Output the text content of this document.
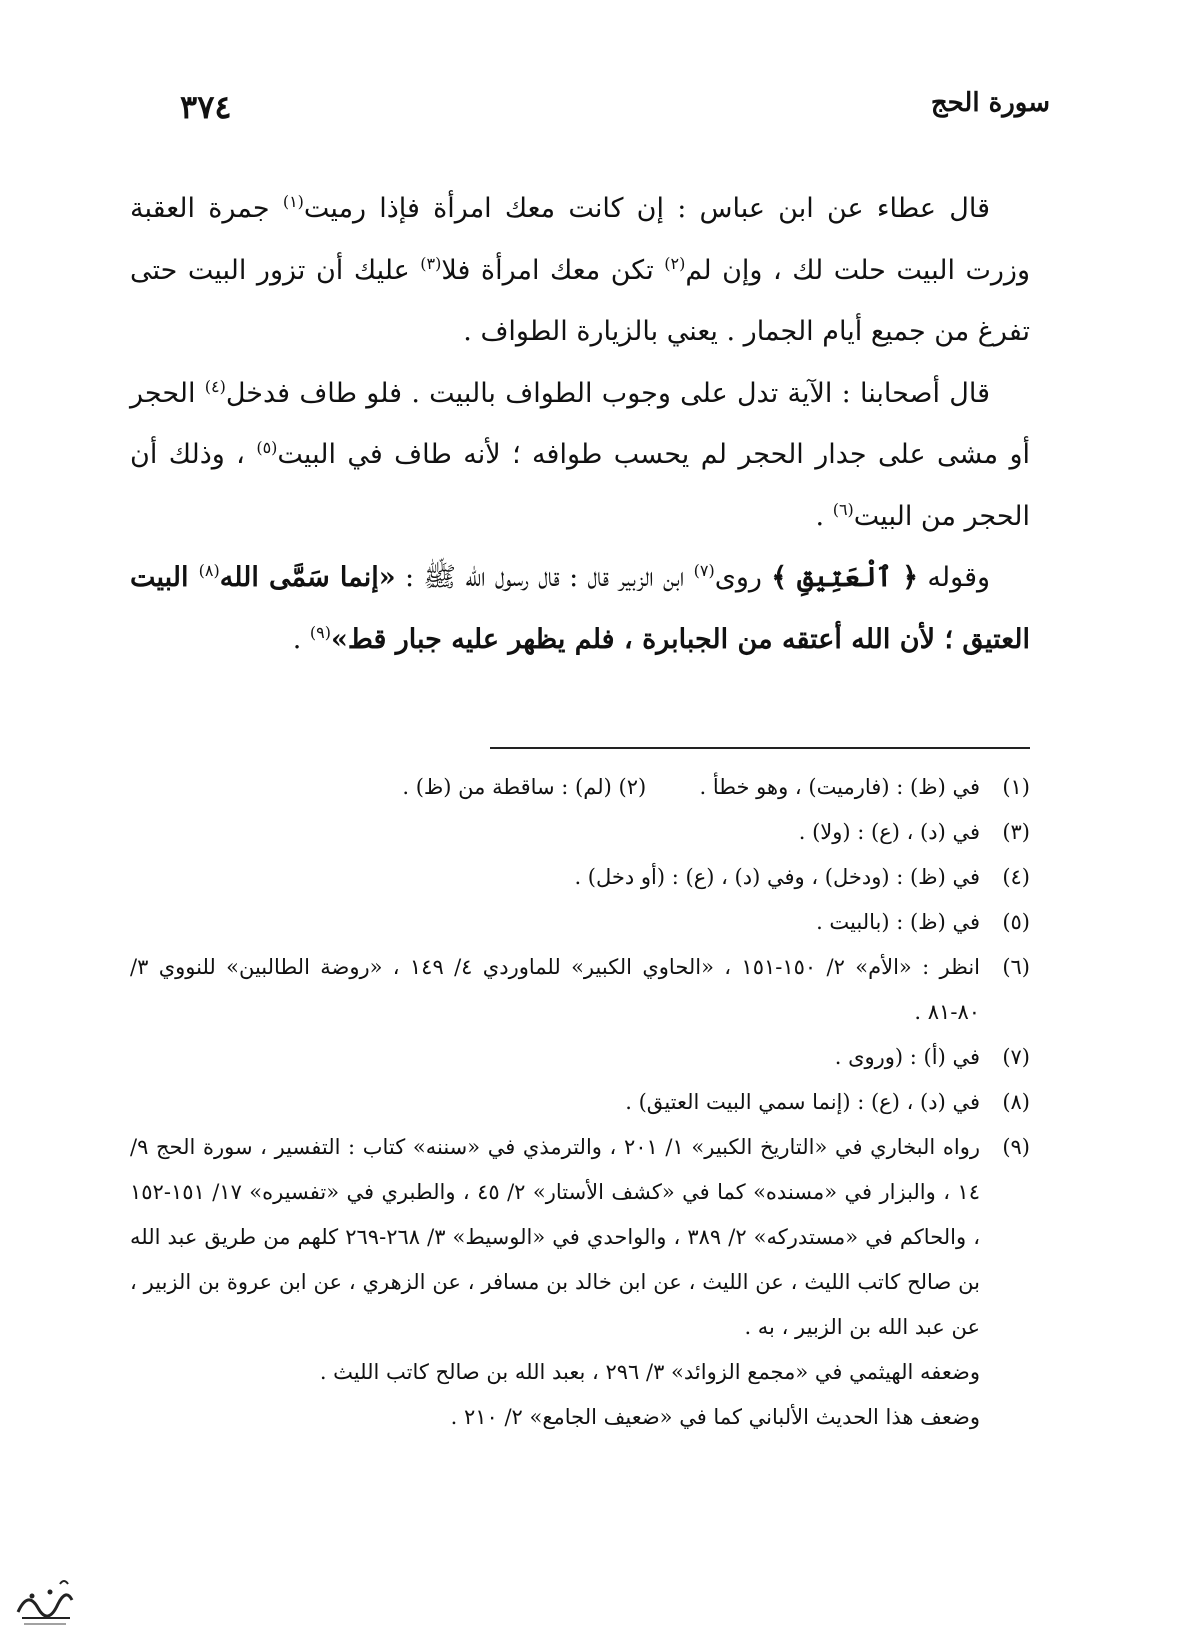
سورة الحج
٣٧٤

قال عطاء عن ابن عباس : إن كانت معك امرأة فإذا رميت$^{(١)}$ جمرة العقبة وزرت البيت حلت لك ، وإن لم$^{(٢)}$ تكن معك امرأة فلا$^{(٣)}$ عليك أن تزور البيت حتى تفرغ من جميع أيام الجمار . يعني بالزيارة الطواف .

قال أصحابنا : الآية تدل على وجوب الطواف بالبيت . فلو طاف فدخل$^{(٤)}$ الحجر أو مشى على جدار الحجر لم يحسب طوافه ؛ لأنه طاف في البيت$^{(٥)}$ ، وذلك أن الحجر من البيت$^{(٦)}$ .

وقوله ﴿ ٱلْعَتِيقِ ﴾ روى$^{(٧)}$ ابن الزبير قال : قال رسول الله ﷺ : «إنما سَمَّى الله$^{(٨)}$ البيت العتيق ؛ لأن الله أعتقه من الجبابرة ، فلم يظهر عليه جبار قط»$^{(٩)}$ .

(١)
في (ظ) : (فارميت) ، وهو خطأ .  (٢) (لم) : ساقطة من (ظ) .
(٣)
في (د) ، (ع) : (ولا) .
(٤)
في (ظ) : (ودخل) ، وفي (د) ، (ع) : (أو دخل) .
(٥)
في (ظ) : (بالبيت .
(٦)
انظر : «الأم» ٢/ ١٥٠-١٥١ ، «الحاوي الكبير» للماوردي ٤/ ١٤٩ ، «روضة الطالبين» للنووي ٣/ ٨٠-٨١ .
(٧)
في (أ) : (وروى .
(٨)
في (د) ، (ع) : (إنما سمي البيت العتيق) .
(٩)
رواه البخاري في «التاريخ الكبير» ١/ ٢٠١ ، والترمذي في «سننه» كتاب : التفسير ، سورة الحج ٩/ ١٤ ، والبزار في «مسنده» كما في «كشف الأستار» ٢/ ٤٥ ، والطبري في «تفسيره» ١٧/ ١٥١-١٥٢ ، والحاكم في «مستدركه» ٢/ ٣٨٩ ، والواحدي في «الوسيط» ٣/ ٢٦٨-٢٦٩ كلهم من طريق عبد الله بن صالح كاتب الليث ، عن الليث ، عن ابن خالد بن مسافر ، عن الزهري ، عن ابن عروة بن الزبير ، عن عبد الله بن الزبير ، به .
وضعفه الهيثمي في «مجمع الزوائد» ٣/ ٢٩٦ ، بعبد الله بن صالح كاتب الليث .
وضعف هذا الحديث الألباني كما في «ضعيف الجامع» ٢/ ٢١٠ .
